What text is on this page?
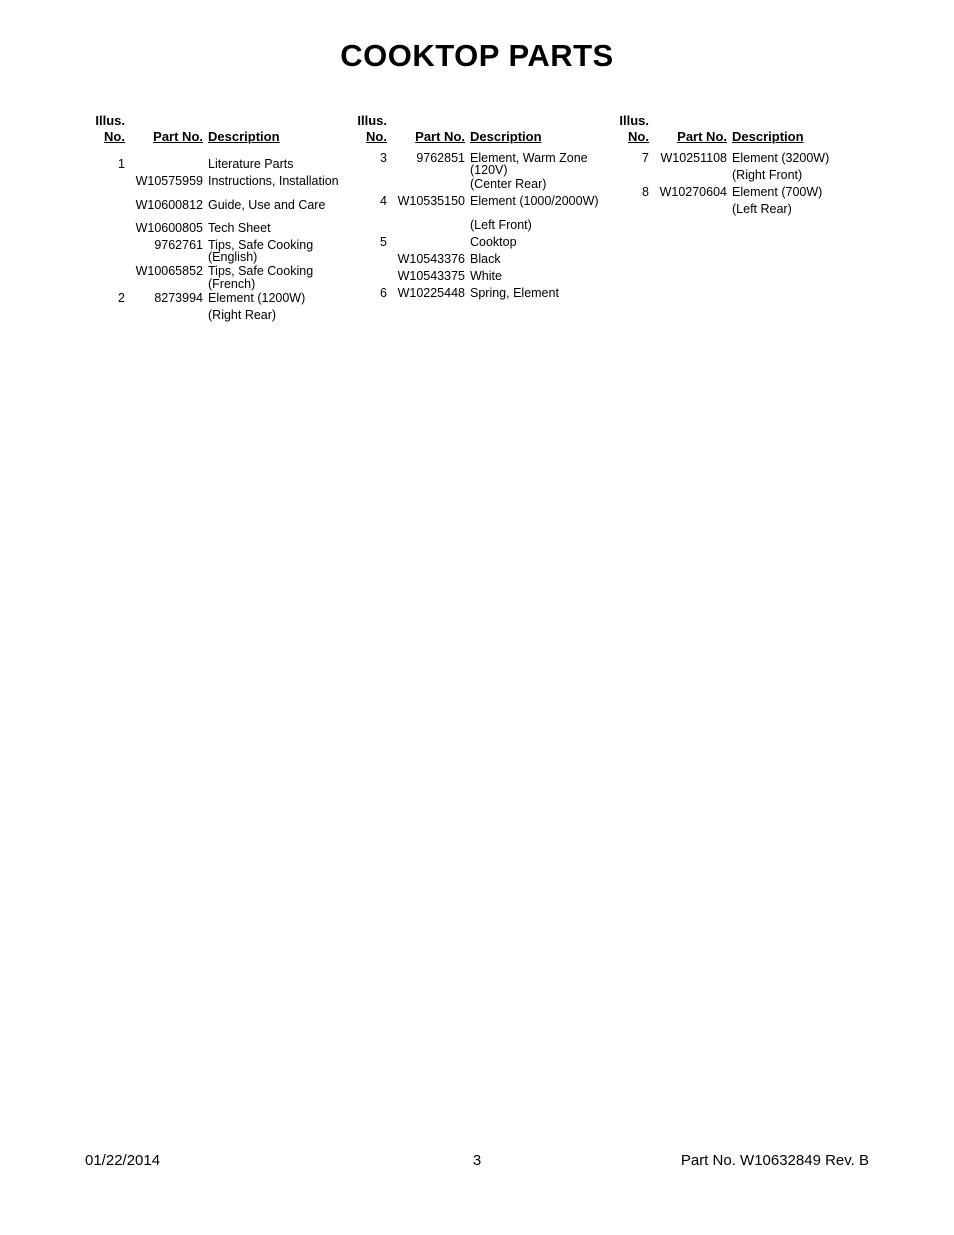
COOKTOP PARTS
Illus.
No.	Part No. Description
1	Literature Parts
W10575959 Instructions, Installation
W10600812 Guide, Use and Care
W10600805 Tech Sheet
9762761 Tips, Safe Cooking
(English)
W10065852 Tips, Safe Cooking
(French)
2	8273994 Element (1200W)
(Right Rear)
Illus.
No.	Part No. Description
3	9762851 Element, Warm Zone
(120V)
(Center Rear)
4 W10535150 Element (1000/2000W)
(Left Front)
5	Cooktop
W10543376 Black
W10543375 White
6 W10225448 Spring, Element
Illus.
No.	Part No. Description
7 W10251108 Element (3200W)
(Right Front)
8 W10270604 Element (700W)
(Left Rear)
01/22/2014	3	Part No. W10632849 Rev. B
